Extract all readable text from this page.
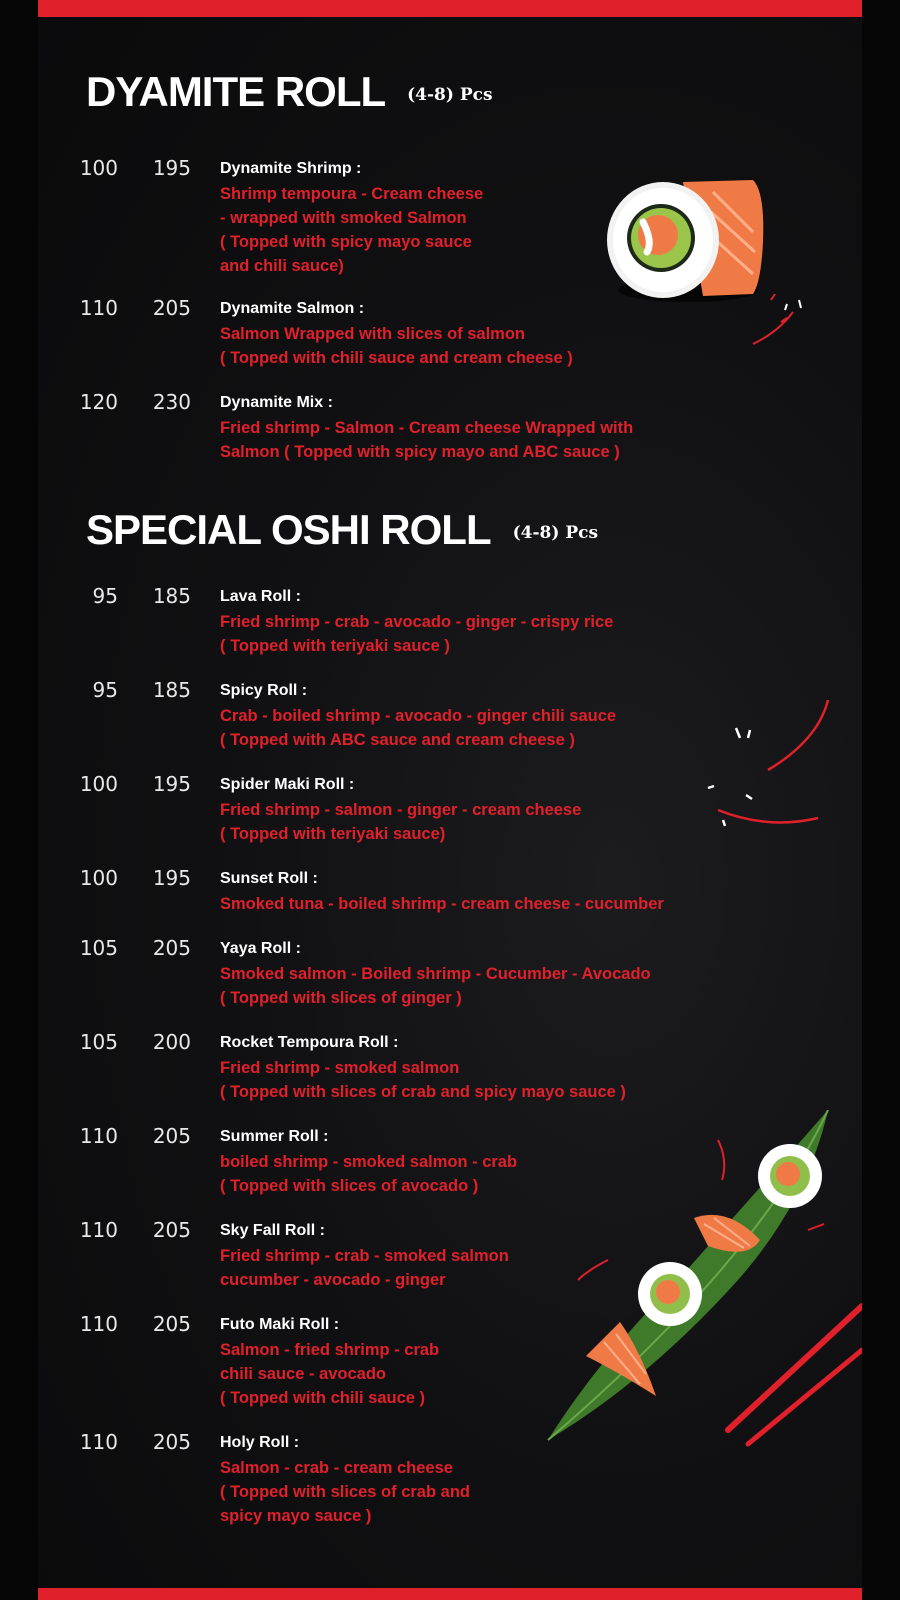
DYAMITE ROLL (4-8) Pcs
100	195 Dynamite Shrimp :
Shrimp tempoura - Cream cheese
- wrapped with smoked Salmon
( Topped with spicy mayo sauce
and chili sauce)
110	205 Dynamite Salmon :
Salmon Wrapped with slices of salmon
( Topped with chili sauce and cream cheese )
120	230 Dynamite Mix :
Fried shrimp - Salmon - Cream cheese Wrapped with
Salmon ( Topped with spicy mayo and ABC sauce )
SPECIAL OSHI ROLL (4-8) Pcs
95	185 Lava Roll :
Fried shrimp - crab - avocado - ginger - crispy rice
( Topped with teriyaki sauce )
95	185 Spicy Roll :
Crab - boiled shrimp - avocado - ginger chili sauce
( Topped with ABC sauce and cream cheese )
100	195 Spider Maki Roll :
Fried shrimp - salmon - ginger - cream cheese
( Topped with teriyaki sauce)
100	195 Sunset Roll :
Smoked tuna - boiled shrimp - cream cheese - cucumber
105	205 Yaya Roll :
Smoked salmon - Boiled shrimp - Cucumber - Avocado
( Topped with slices of ginger )
105	200 Rocket Tempoura Roll :
Fried shrimp - smoked salmon
( Topped with slices of crab and spicy mayo sauce )
110	205 Summer Roll :
boiled shrimp - smoked salmon - crab
( Topped with slices of avocado )
110	205 Sky Fall Roll :
Fried shrimp - crab - smoked salmon
cucumber - avocado - ginger
110	205 Futo Maki Roll :
Salmon - fried shrimp - crab
chili sauce - avocado
( Topped with chili sauce )
110	205 Holy Roll :
Salmon - crab - cream cheese
( Topped with slices of crab and
spicy mayo sauce )
